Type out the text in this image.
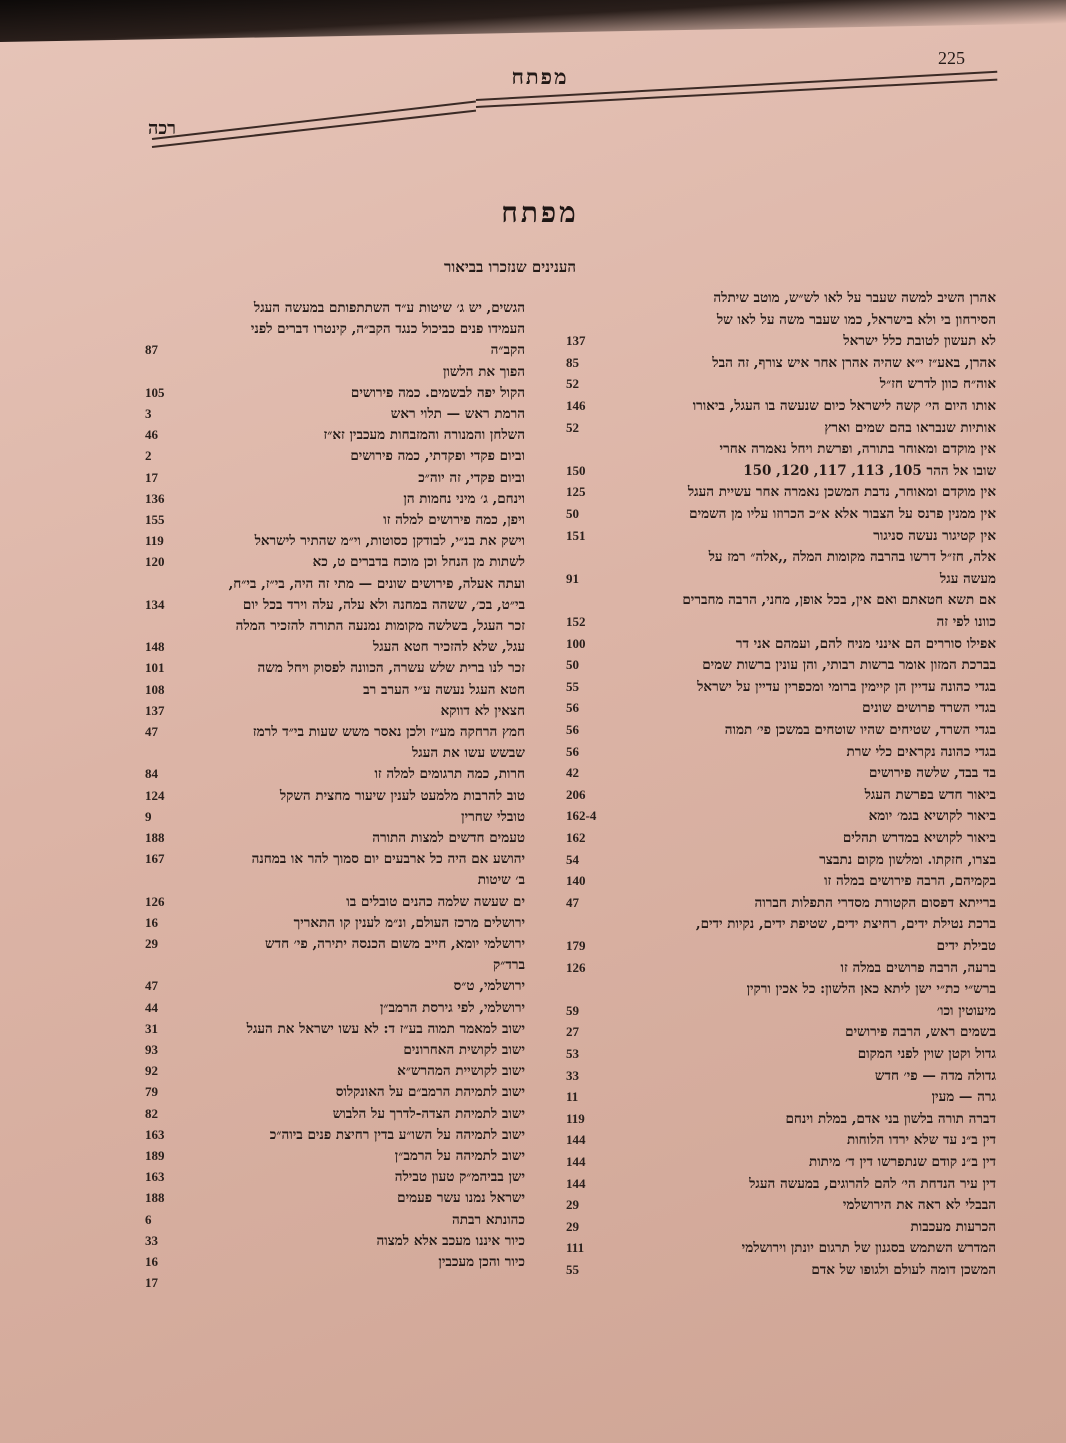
225
מפתח
רכה
מפתח
הענינים שנזכרו בביאור
אהרן השיב למשה שעבר על לאו לש״ש, מוטב שיתלה
הסירחון בי ולא בישראל, כמו שעבר משה על לאו של
137	לא תעשון לטובת כלל ישראל
85	אהרן, באע״ז י״א שהיה אהרן אחר איש צורף, זה הבל
52	אוה״ח כוון לדרש חז״ל
146	אותו היום הי׳ קשה לישראל כיום שנעשה בו העגל, ביאורו
52	אותיות שנבראו בהם שמים וארץ
אין מוקדם ומאוחר בתורה, ופרשת ויחל נאמרה אחרי
150	שובו אל ההר 105, 113, 117, 120, 150
125	אין מוקדם ומאוחר, נדבת המשכן נאמרה אחר עשיית העגל
50	אין ממנין פרנס על הצבור אלא א״כ הכרוזו עליו מן השמים
151	אין קטיגור נעשה סניגור
אלה, חז״ל דרשו בהרבה מקומות המלה ,,אלה״ רמז על
91	מעשה עגל
אם תשא חטאתם ואם אין, בכל אופן, מחני, הרבה מחברים
152	כוונו לפי זה
100	אפילו סוררים הם אינני מניח להם, ועמהם אני דר
50	בברכת המזון אומר ברשות רבותי, והן עונין ברשות שמים
55	בגדי כהונה עדיין הן קיימין ברומי ומכפרין עדיין על ישראל
56	בגדי השרד פרושים שונים
56	בגדי השרד, שטיחים שהיו שוטחים במשכן פי׳ תמוה
56	בגדי כהונה נקראים כלי שרת
42	בד בבד, שלשה פירושים
206	ביאור חדש בפרשת העגל
162-4	ביאור לקושיא בגמ׳ יומא
162	ביאור לקושיא במדרש תהלים
54	בצרו, חזקתו. ומלשון מקום נתבצר
140	בקמיהם, הרבה פירושים במלה זו
47	ברייתא דפסום הקטורת מסדרי התפלות חברוה
ברכת נטילת ידים, רחיצת ידים, שטיפת ידים, נקיות ידים,
179	טבילת ידים
126	ברעה, הרבה פרושים במלה זו
ברש״י כת״י ישן ליתא כאן הלשון: כל אכין ורקין
59	מיעוטין וכו׳
27	בשמים ראש, הרבה פירושים
53	גדול וקטן שוין לפני המקום
33	גדולה מדה — פי׳ חדש
11	גרה — מעין
119	דברה תורה בלשון בני אדם, במלת וינחם
144	דין ב״נ עד שלא ירדו הלוחות
144	דין ב״נ קודם שנתפרשו דין ד׳ מיתות
144	דין עיר הנדחת הי׳ להם להרוגים, במעשה העגל
29	הבבלי לא ראה את הירושלמי
29	הכרעות מעכבות
111	המדרש השתמש בסגנון של תרגום יונתן וירושלמי
55	המשכן דומה לעולם ולגופו של אדם
הגשים, יש ג׳ שיטות ע״ד השתתפותם במעשה העגל
העמידו פנים כביכול כנגד הקב״ה, קינטרו דברים לפני
87	הקב״ה
הפוך את הלשון
105	הקול יפה לבשמים. כמה פירושים
3	הרמת ראש — תלוי ראש
46	השלחן והמנורה והמזבחות מעכבין זא״ז
2	וביום פקדי ופקדתי, כמה פירושים
17	וביום פקדי, זה יוה״כ
136	וינחם, ג׳ מיני נחמות הן
155	ויפן, כמה פירושים למלה זו
119	וישק את בנ״י, לבודקן כסוטות, וי״מ שהתיר לישראל
120	לשתות מן הנחל וכן מוכח בדברים ט, כא
ועתה אעלה, פירושים שונים — מתי זה היה, בי״ז, בי״ח,
134	בי״ט, בכ׳, ששהה במחנה ולא עלה, עלה וירד בכל יום
זכר העגל, בשלשה מקומות נמנעה התורה להזכיר המלה
148	עגל, שלא להזכיר חטא העגל
101	זכר לנו ברית שלש עשרה, הכוונה לפסוק ויחל משה
108	חטא העגל נעשה ע״י הערב רב
137	חצאין לא דווקא
47	חמץ הרחקה מע״ז ולכן נאסר משש שעות בי״ד לרמז
שבשש עשו את העגל
84	חרות, כמה תרגומים למלה זו
124	טוב להרבות מלמעט לענין שיעור מחצית השקל
9	טובלי שחרין
188	טעמים חדשים למצות התורה
167	יהושע אם היה כל ארבעים יום סמוך להר או במחנה
ב׳ שיטות
126	ים שעשה שלמה כהנים טובלים בו
16	ירושלים מרכז העולם, ונ״מ לענין קו התאריך
29	ירושלמי יומא, חייב משום הכנסה יתירה, פי׳ חדש
ברד״ק
47	ירושלמי, ט״ס
44	ירושלמי, לפי גירסת הרמב״ן
31	ישוב למאמר תמוה בע״ז ד: לא עשו ישראל את העגל
93	ישוב לקושית האחרונים
92	ישוב לקושיית המהרש״א
79	ישוב לתמיהת הרמב״ם על האונקלוס
82	ישוב לתמיהת הצדה-לדרך על הלבוש
163	ישוב לתמיהה על השו״ע בדין רחיצת פנים ביוה״כ
189	ישוב לתמיהה על הרמב״ן
163	ישן בביהמ״ק טעון טבילה
188	ישראל נמנו עשר פעמים
6	כהונתא רבתה
33	כיור איננו מעכב אלא למצוה
16	כיור והכן מעכבין
17
